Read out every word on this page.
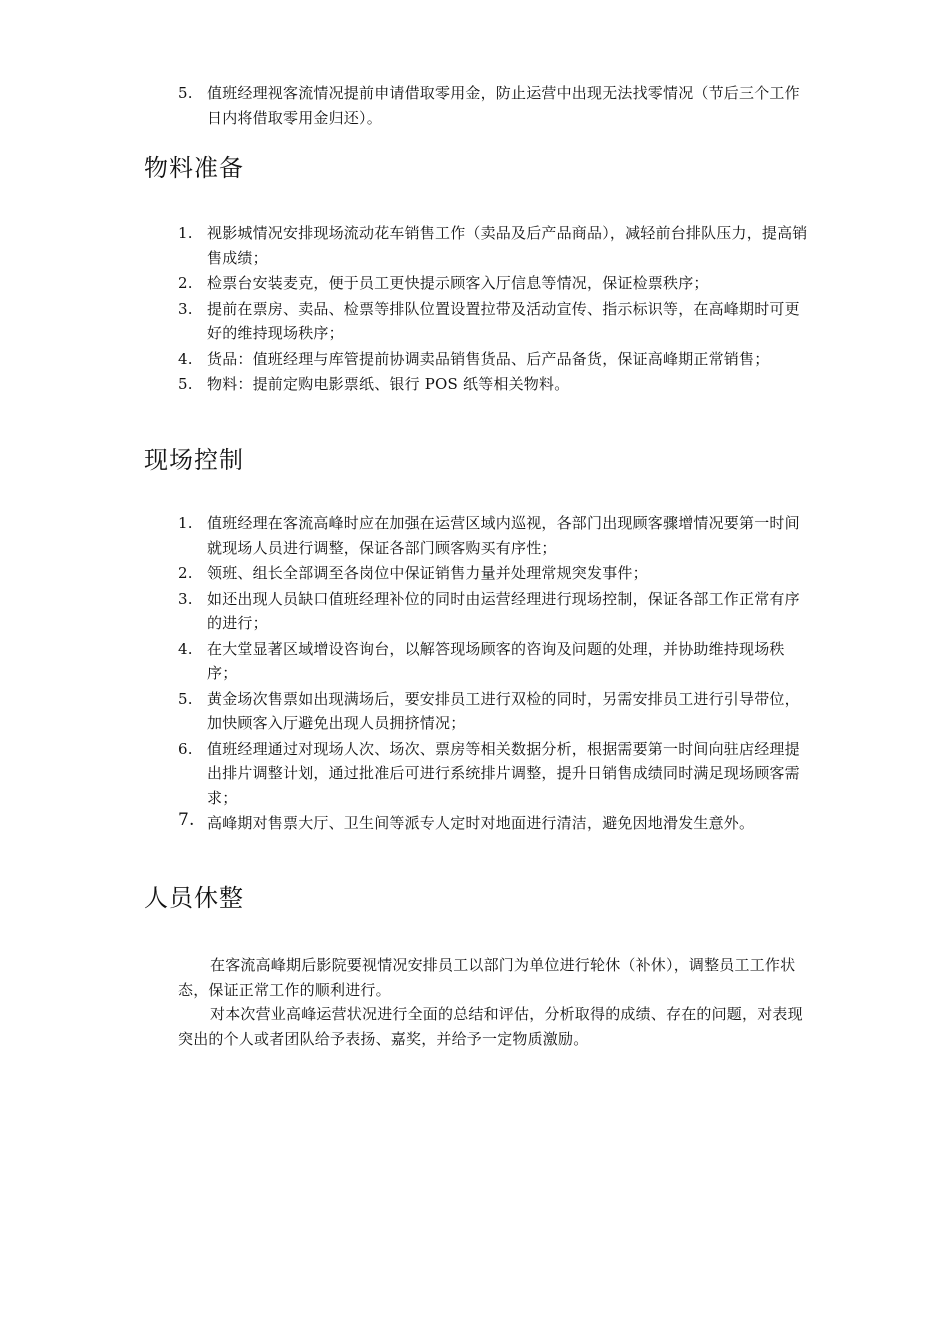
5. 值班经理视客流情况提前申请借取零用金，防止运营中出现无法找零情况（节后三个工作日内将借取零用金归还）。
物料准备
1. 视影城情况安排现场流动花车销售工作（卖品及后产品商品），减轻前台排队压力，提高销售成绩；
2. 检票台安装麦克，便于员工更快提示顾客入厅信息等情况，保证检票秩序；
3. 提前在票房、卖品、检票等排队位置设置拉带及活动宣传、指示标识等，在高峰期时可更好的维持现场秩序；
4. 货品：值班经理与库管提前协调卖品销售货品、后产品备货，保证高峰期正常销售；
5. 物料：提前定购电影票纸、银行 POS 纸等相关物料。
现场控制
1. 值班经理在客流高峰时应在加强在运营区域内巡视，各部门出现顾客骤增情况要第一时间就现场人员进行调整，保证各部门顾客购买有序性；
2. 领班、组长全部调至各岗位中保证销售力量并处理常规突发事件；
3. 如还出现人员缺口值班经理补位的同时由运营经理进行现场控制，保证各部工作正常有序的进行；
4. 在大堂显著区域增设咨询台，以解答现场顾客的咨询及问题的处理，并协助维持现场秩序；
5. 黄金场次售票如出现满场后，要安排员工进行双检的同时，另需安排员工进行引导带位，加快顾客入厅避免出现人员拥挤情况；
6. 值班经理通过对现场人次、场次、票房等相关数据分析，根据需要第一时间向驻店经理提出排片调整计划，通过批准后可进行系统排片调整，提升日销售成绩同时满足现场顾客需求；
7. 高峰期对售票大厅、卫生间等派专人定时对地面进行清洁，避免因地滑发生意外。
人员休整

在客流高峰期后影院要视情况安排员工以部门为单位进行轮休（补休），调整员工工作状态，保证正常工作的顺利进行。

对本次营业高峰运营状况进行全面的总结和评估，分析取得的成绩、存在的问题，对表现突出的个人或者团队给予表扬、嘉奖，并给予一定物质激励。
